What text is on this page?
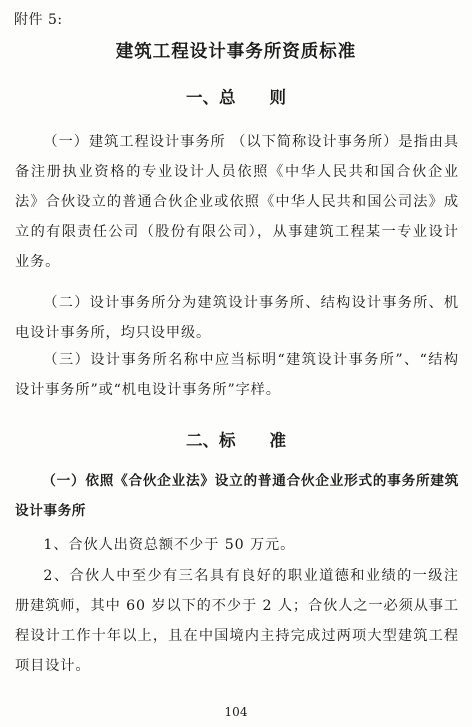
附件 5:

建筑工程设计事务所资质标准
一、总 则

（一）建筑工程设计事务所 （以下简称设计事务所）是指由具备注册执业资格的专业设计人员依照《中华人民共和国合伙企业法》合伙设立的普通合伙企业或依照《中华人民共和国公司法》成立的有限责任公司（股份有限公司），从事建筑工程某一专业设计业务。

（二）设计事务所分为建筑设计事务所、结构设计事务所、机电设计事务所，均只设甲级。

（三）设计事务所名称中应当标明“建筑设计事务所”、“结构设计事务所”或“机电设计事务所”字样。

二、标 准

（一）依照《合伙企业法》设立的普通合伙企业形式的事务所建筑设计事务所

1、合伙人出资总额不少于 50 万元。

2、合伙人中至少有三名具有良好的职业道德和业绩的一级注册建筑师，其中 60 岁以下的不少于 2 人；合伙人之一必须从事工程设计工作十年以上，且在中国境内主持完成过两项大型建筑工程项目设计。

104
